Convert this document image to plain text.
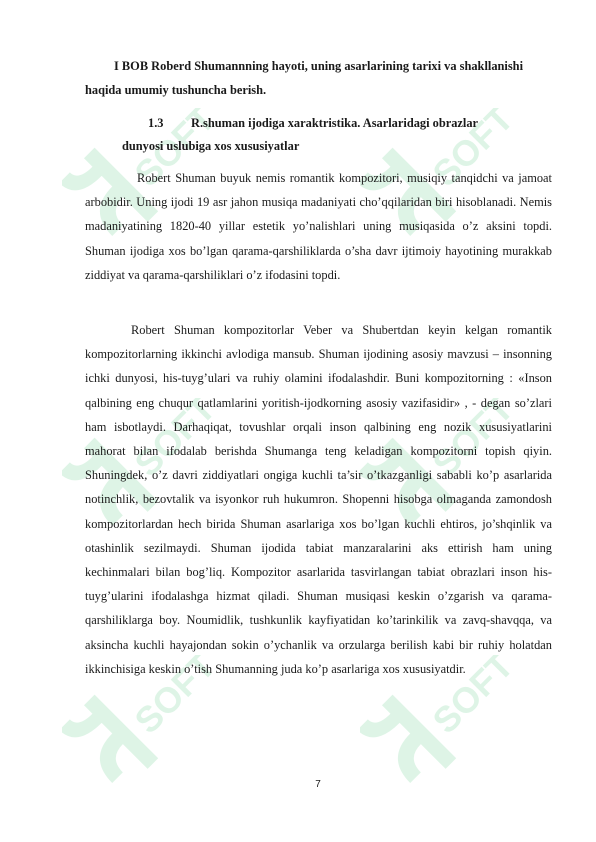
SOFT	SOFT
SOFT	SOFT
SOFT	SOFT
I BOB Roberd Shumannning hayoti, uning asarlarining tarixi va shakllanishi haqida umumiy tushuncha berish.
1.3 R.shuman ijodiga xaraktristika. Asarlaridagi obrazlar
dunyosi uslubiga xos xususiyatlar

Robert Shuman buyuk nemis romantik kompozitori, musiqiy tanqidchi va jamoat arbobidir. Uning ijodi 19 asr jahon musiqa madaniyati cho’qqilaridan biri hisoblanadi. Nemis madaniyatining 1820-40 yillar estetik yo’nalishlari uning musiqasida o’z aksini topdi. Shuman ijodiga xos bo’lgan qarama-qarshiliklarda o’sha davr ijtimoiy hayotining murakkab ziddiyat va qarama-qarshiliklari o’z ifodasini topdi.

Robert Shuman kompozitorlar Veber va Shubertdan keyin kelgan romantik kompozitorlarning ikkinchi avlodiga mansub. Shuman ijodining asosiy mavzusi – insonning ichki dunyosi, his-tuyg’ulari va ruhiy olamini ifodalashdir. Buni kompozitorning : «Inson qalbining eng chuqur qatlamlarini yoritish-ijodkorning asosiy vazifasidir» , - degan so’zlari ham isbotlaydi. Darhaqiqat, tovushlar orqali inson qalbining eng nozik xususiyatlarini mahorat bilan ifodalab berishda Shumanga teng keladigan kompozitorni topish qiyin. Shuningdek, o’z davri ziddiyatlari ongiga kuchli ta’sir o’tkazganligi sababli ko’p asarlarida notinchlik, bezovtalik va isyonkor ruh hukumron. Shopenni hisobga olmaganda zamondosh kompozitorlardan hech birida Shuman asarlariga xos bo’lgan kuchli ehtiros, jo’shqinlik va otashinlik sezilmaydi. Shuman ijodida tabiat manzaralarini aks ettirish ham uning kechinmalari bilan bog’liq. Kompozitor asarlarida tasvirlangan tabiat obrazlari inson his-tuyg’ularini ifodalashga hizmat qiladi. Shuman musiqasi keskin o’zgarish va qarama-qarshiliklarga boy. Noumidlik, tushkunlik kayfiyatidan ko’tarinkilik va zavq-shavqqa, va aksincha kuchli hayajondan sokin o’ychanlik va orzularga berilish kabi bir ruhiy holatdan ikkinchisiga keskin o’tish Shumanning juda ko’p asarlariga xos xususiyatdir.

7
